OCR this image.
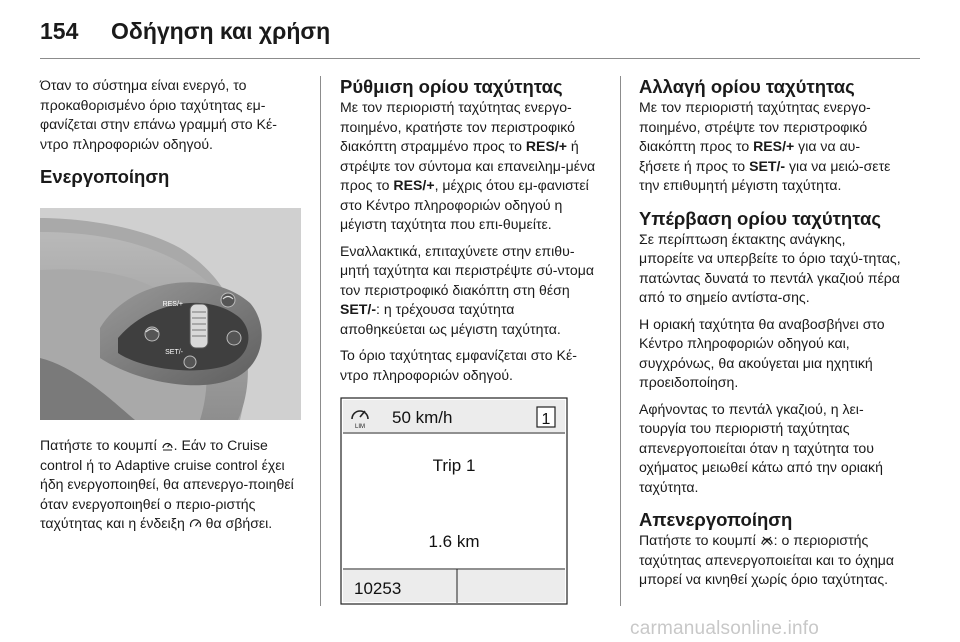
154 Οδήγηση και χρήση

Όταν το σύστημα είναι ενεργό, το προκαθορισμένο όριο ταχύτητας εμ-φανίζεται στην επάνω γραμμή στο Κέ-ντρο πληροφοριών οδηγού.

Ενεργοποίηση
RES/+
SET/-

Πατήστε το κουμπί . Εάν το Cruise control ή το Adaptive cruise control έχει ήδη ενεργοποιηθεί, θα απενεργο-ποιηθεί όταν ενεργοποιηθεί ο περιο-ριστής ταχύτητας και η ένδειξη  θα σβήσει.

Ρύθμιση ορίου ταχύτητας

Με τον περιοριστή ταχύτητας ενεργο-ποιημένο, κρατήστε τον περιστροφικό διακόπτη στραμμένο προς το RES/+ ή στρέψτε τον σύντομα και επανειλημ-μένα προς το RES/+, μέχρις ότου εμ-φανιστεί στο Κέντρο πληροφοριών οδηγού η μέγιστη ταχύτητα που επι-θυμείτε.

Εναλλακτικά, επιταχύνετε στην επιθυ-μητή ταχύτητα και περιστρέψτε σύ-ντομα τον περιστροφικό διακόπτη στη θέση SET/-: η τρέχουσα ταχύτητα αποθηκεύεται ως μέγιστη ταχύτητα.

Το όριο ταχύτητας εμφανίζεται στο Κέ-ντρο πληροφοριών οδηγού.

LIM 50 km/h	1
Trip 1
1.6 km
10253
Αλλαγή ορίου ταχύτητας

Με τον περιοριστή ταχύτητας ενεργο-ποιημένο, στρέψτε τον περιστροφικό διακόπτη προς το RES/+ για να αυ-ξήσετε ή προς το SET/- για να μειώ-σετε την επιθυμητή μέγιστη ταχύτητα.

Υπέρβαση ορίου ταχύτητας

Σε περίπτωση έκτακτης ανάγκης, μπορείτε να υπερβείτε το όριο ταχύ-τητας, πατώντας δυνατά το πεντάλ γκαζιού πέρα από το σημείο αντίστα-σης.

Η οριακή ταχύτητα θα αναβοσβήνει στο Κέντρο πληροφοριών οδηγού και, συγχρόνως, θα ακούγεται μια ηχητική προειδοποίηση.

Αφήνοντας το πεντάλ γκαζιού, η λει-τουργία του περιοριστή ταχύτητας απενεργοποιείται όταν η ταχύτητα του οχήματος μειωθεί κάτω από την οριακή ταχύτητα.

Απενεργοποίηση

Πατήστε το κουμπί : ο περιοριστής ταχύτητας απενεργοποιείται και το όχημα μπορεί να κινηθεί χωρίς όριο ταχύτητας.

carmanualsonline.info
